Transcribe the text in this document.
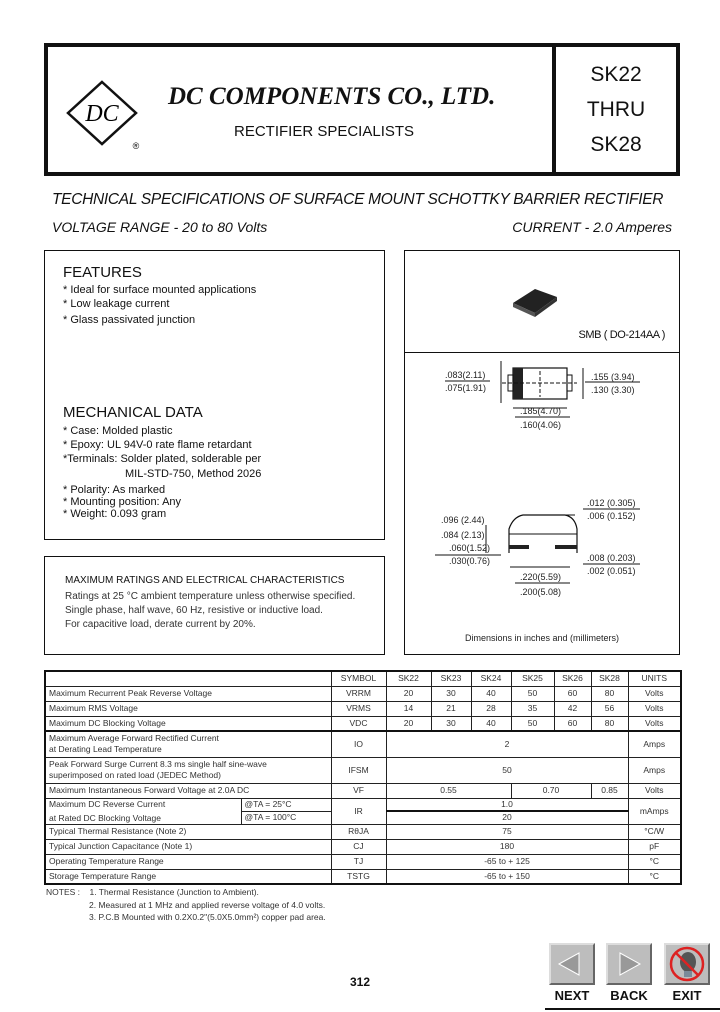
DC
®
DC COMPONENTS CO., LTD.
RECTIFIER SPECIALISTS
SK22
THRU
SK28
TECHNICAL SPECIFICATIONS OF SURFACE MOUNT SCHOTTKY BARRIER RECTIFIER
VOLTAGE RANGE - 20 to 80 Volts	CURRENT - 2.0 Amperes
FEATURES
* Ideal for surface mounted applications
* Low leakage current
* Glass passivated junction
MECHANICAL DATA
* Case: Molded plastic
* Epoxy: UL 94V-0 rate flame retardant
*Terminals: Solder plated, solderable per
MIL-STD-750, Method 2026
* Polarity: As marked
* Mounting position: Any
* Weight: 0.093 gram
SMB ( DO-214AA )
.083(2.11)
.075(1.91)
.155 (3.94)
.130 (3.30)
.185(4.70)
.160(4.06)
.012 (0.305)
.006 (0.152)
.096 (2.44)
.084 (2.13)
.060(1.52)
.030(0.76)	.008 (0.203)
.002 (0.051)
.220(5.59)
.200(5.08)
Dimensions in inches and (millimeters)
MAXIMUM RATINGS AND ELECTRICAL CHARACTERISTICS
Ratings at 25 °C ambient temperature unless otherwise specified.
Single phase, half wave, 60 Hz, resistive or inductive load.
For capacitive load, derate current by 20%.
		SYMBOL	SK22	SK23	SK24	SK25	SK26	SK28	UNITS
Maximum Recurrent Peak Reverse Voltage		VRRM	20	30	40	50	60	80	Volts
Maximum RMS Voltage		VRMS	14	21	28	35	42	56	Volts
Maximum DC Blocking Voltage		VDC	20	30	40	50	60	80	Volts

Maximum Average Forward Rectified Current
at Derating Lead Temperature		IO	2						Amps

Peak Forward Surge Current 8.3 ms single half sine-wave
superimposed on rated load (JEDEC Method)		IFSM	50						Amps
Maximum Instantaneous Forward Voltage at 2.0A DC		VF	0.55			0.70		0.85	Volts

Maximum DC Reverse Current
at Rated DC Blocking Voltage	@TA = 25°C	IR	1.0						mAmps
	@TA = 100°C		20						
Typical Thermal Resistance (Note 2)		RθJA	75						°C/W
Typical Junction Capacitance (Note 1)		CJ	180						pF
Operating Temperature Range		TJ	-65 to + 125						°C
Storage Temperature Range		TSTG	-65 to + 150						°C
NOTES : 1. Thermal Resistance (Junction to Ambient).
2. Measured at 1 MHz and applied reverse voltage of 4.0 volts.
3. P.C.B Mounted with 0.2X0.2"(5.0X5.0mm²) copper pad area.
312
NEXT	BACK	EXIT
